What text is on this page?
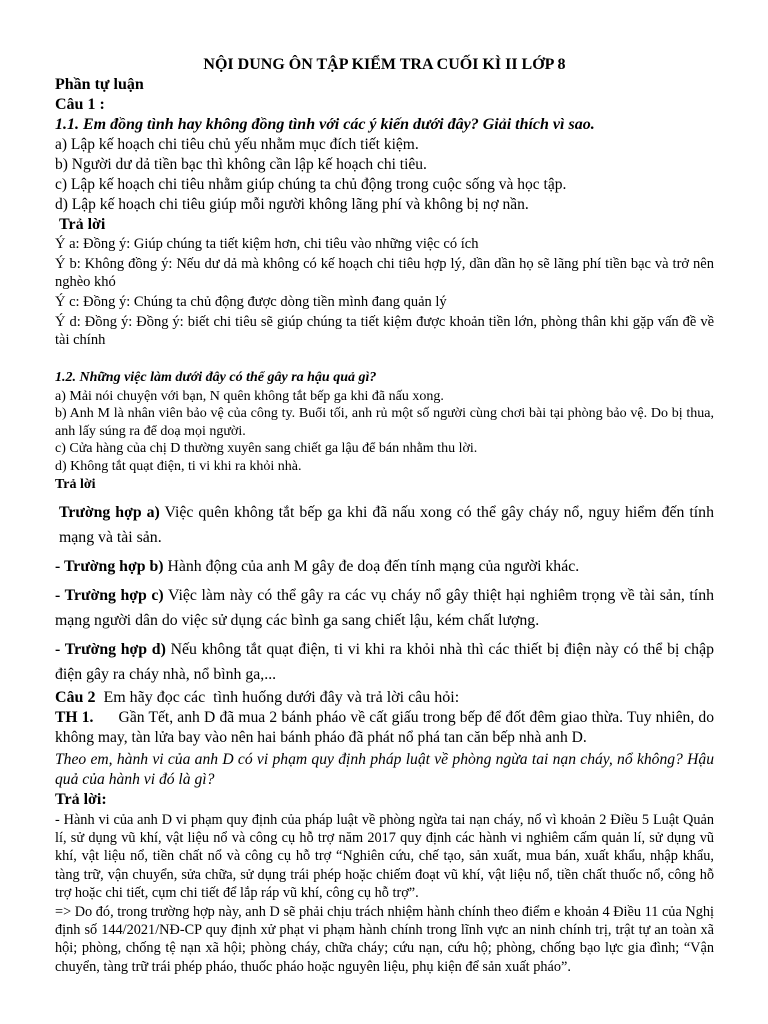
NỘI DUNG ÔN TẬP KIỂM TRA CUỐI KÌ II LỚP 8
Phần tự luận
Câu 1 :
1.1. Em đồng tình hay không đồng tình với các ý kiến dưới đây? Giải thích vì sao.
a) Lập kế hoạch chi tiêu chủ yếu nhằm mục đích tiết kiệm.
b) Người dư dả tiền bạc thì không cần lập kế hoạch chi tiêu.
c) Lập kế hoạch chi tiêu nhằm giúp chúng ta chủ động trong cuộc sống và học tập.
d) Lập kế hoạch chi tiêu giúp mỗi người không lãng phí và không bị nợ nần.
Trả lời
Ý a: Đồng ý: Giúp chúng ta tiết kiệm hơn, chi tiêu vào những việc có ích
Ý b: Không đồng ý: Nếu dư dả mà không có kế hoạch chi tiêu hợp lý, dần dần họ sẽ lãng phí tiền bạc và trở nên nghèo khó
Ý c: Đồng ý: Chúng ta chủ động được dòng tiền mình đang quản lý
Ý d: Đồng ý: Đồng ý: biết chi tiêu sẽ giúp chúng ta tiết kiệm được khoản tiền lớn, phòng thân khi gặp vấn đề về tài chính
1.2. Những việc làm dưới đây có thể gây ra hậu quả gì?
a) Mải nói chuyện với bạn, N quên không tắt bếp ga khi đã nấu xong.
b) Anh M là nhân viên bảo vệ của công ty. Buổi tối, anh rủ một số người cùng chơi bài tại phòng bảo vệ. Do bị thua, anh lấy súng ra để doạ mọi người.
c) Cửa hàng của chị D thường xuyên sang chiết ga lậu để bán nhằm thu lời.
d) Không tắt quạt điện, ti vi khi ra khỏi nhà.
Trả lời
Trường hợp a) Việc quên không tắt bếp ga khi đã nấu xong có thể gây cháy nổ, nguy hiểm đến tính mạng và tài sản.
- Trường hợp b) Hành động của anh M gây đe doạ đến tính mạng của người khác.
- Trường hợp c) Việc làm này có thể gây ra các vụ cháy nổ gây thiệt hại nghiêm trọng về tài sản, tính mạng người dân do việc sử dụng các bình ga sang chiết lậu, kém chất lượng.
- Trường hợp d) Nếu không tắt quạt điện, ti vi khi ra khỏi nhà thì các thiết bị điện này có thể bị chập điện gây ra cháy nhà, nổ bình ga,...
Câu 2  Em hãy đọc các  tình huống dưới đây và trả lời câu hỏi:
TH 1.      Gần Tết, anh D đã mua 2 bánh pháo về cất giấu trong bếp để đốt đêm giao thừa. Tuy nhiên, do không may, tàn lửa bay vào nên hai bánh pháo đã phát nổ phá tan căn bếp nhà anh D.
Theo em, hành vi của anh D có vi phạm quy định pháp luật về phòng ngừa tai nạn cháy, nổ không? Hậu quả của hành vi đó là gì?
Trả lời:
- Hành vi của anh D vi phạm quy định của pháp luật về phòng ngừa tai nạn cháy, nổ vì khoản 2 Điều 5 Luật Quản lí, sử dụng vũ khí, vật liệu nổ và công cụ hỗ trợ năm 2017 quy định các hành vi nghiêm cấm quản lí, sử dụng vũ khí, vật liệu nổ, tiền chất nổ và công cụ hỗ trợ “Nghiên cứu, chế tạo, sản xuất, mua bán, xuất khẩu, nhập khẩu, tàng trữ, vận chuyển, sửa chữa, sử dụng trái phép hoặc chiếm đoạt vũ khí, vật liệu nổ, tiền chất thuốc nổ, công hỗ trợ hoặc chi tiết, cụm chi tiết để lắp ráp vũ khí, công cụ hỗ trợ”.
=> Do đó, trong trường hợp này, anh D sẽ phải chịu trách nhiệm hành chính theo điểm e khoản 4 Điều 11 của Nghị định số 144/2021/NĐ-CP quy định xử phạt vi phạm hành chính trong lĩnh vực an ninh chính trị, trật tự an toàn xã hội; phòng, chống tệ nạn xã hội; phòng cháy, chữa cháy; cứu nạn, cứu hộ; phòng, chống bạo lực gia đình; “Vận chuyển, tàng trữ trái phép pháo, thuốc pháo hoặc nguyên liệu, phụ kiện để sản xuất pháo”.
